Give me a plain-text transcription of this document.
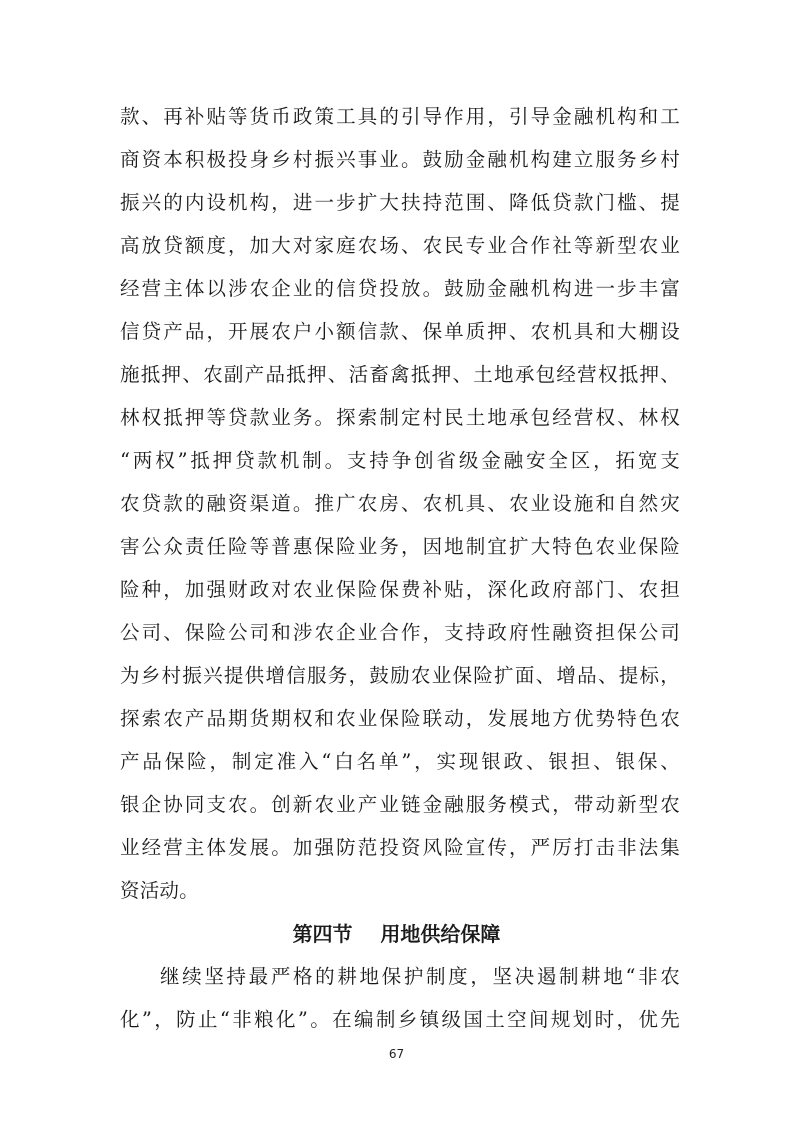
款、再补贴等货币政策工具的引导作用，引导金融机构和工
商资本积极投身乡村振兴事业。鼓励金融机构建立服务乡村
振兴的内设机构，进一步扩大扶持范围、降低贷款门槛、提
高放贷额度，加大对家庭农场、农民专业合作社等新型农业
经营主体以涉农企业的信贷投放。鼓励金融机构进一步丰富
信贷产品，开展农户小额信款、保单质押、农机具和大棚设
施抵押、农副产品抵押、活畜禽抵押、土地承包经营权抵押、
林权抵押等贷款业务。探索制定村民土地承包经营权、林权
“两权”抵押贷款机制。支持争创省级金融安全区，拓宽支
农贷款的融资渠道。推广农房、农机具、农业设施和自然灾
害公众责任险等普惠保险业务，因地制宜扩大特色农业保险
险种，加强财政对农业保险保费补贴，深化政府部门、农担
公司、保险公司和涉农企业合作，支持政府性融资担保公司
为乡村振兴提供增信服务，鼓励农业保险扩面、增品、提标，
探索农产品期货期权和农业保险联动，发展地方优势特色农
产品保险，制定准入“白名单”，实现银政、银担、银保、
银企协同支农。创新农业产业链金融服务模式，带动新型农
业经营主体发展。加强防范投资风险宣传，严厉打击非法集
资活动。
第四节    用地供给保障
继续坚持最严格的耕地保护制度，坚决遏制耕地“非农
化”，防止“非粮化”。在编制乡镇级国土空间规划时，优先
67
